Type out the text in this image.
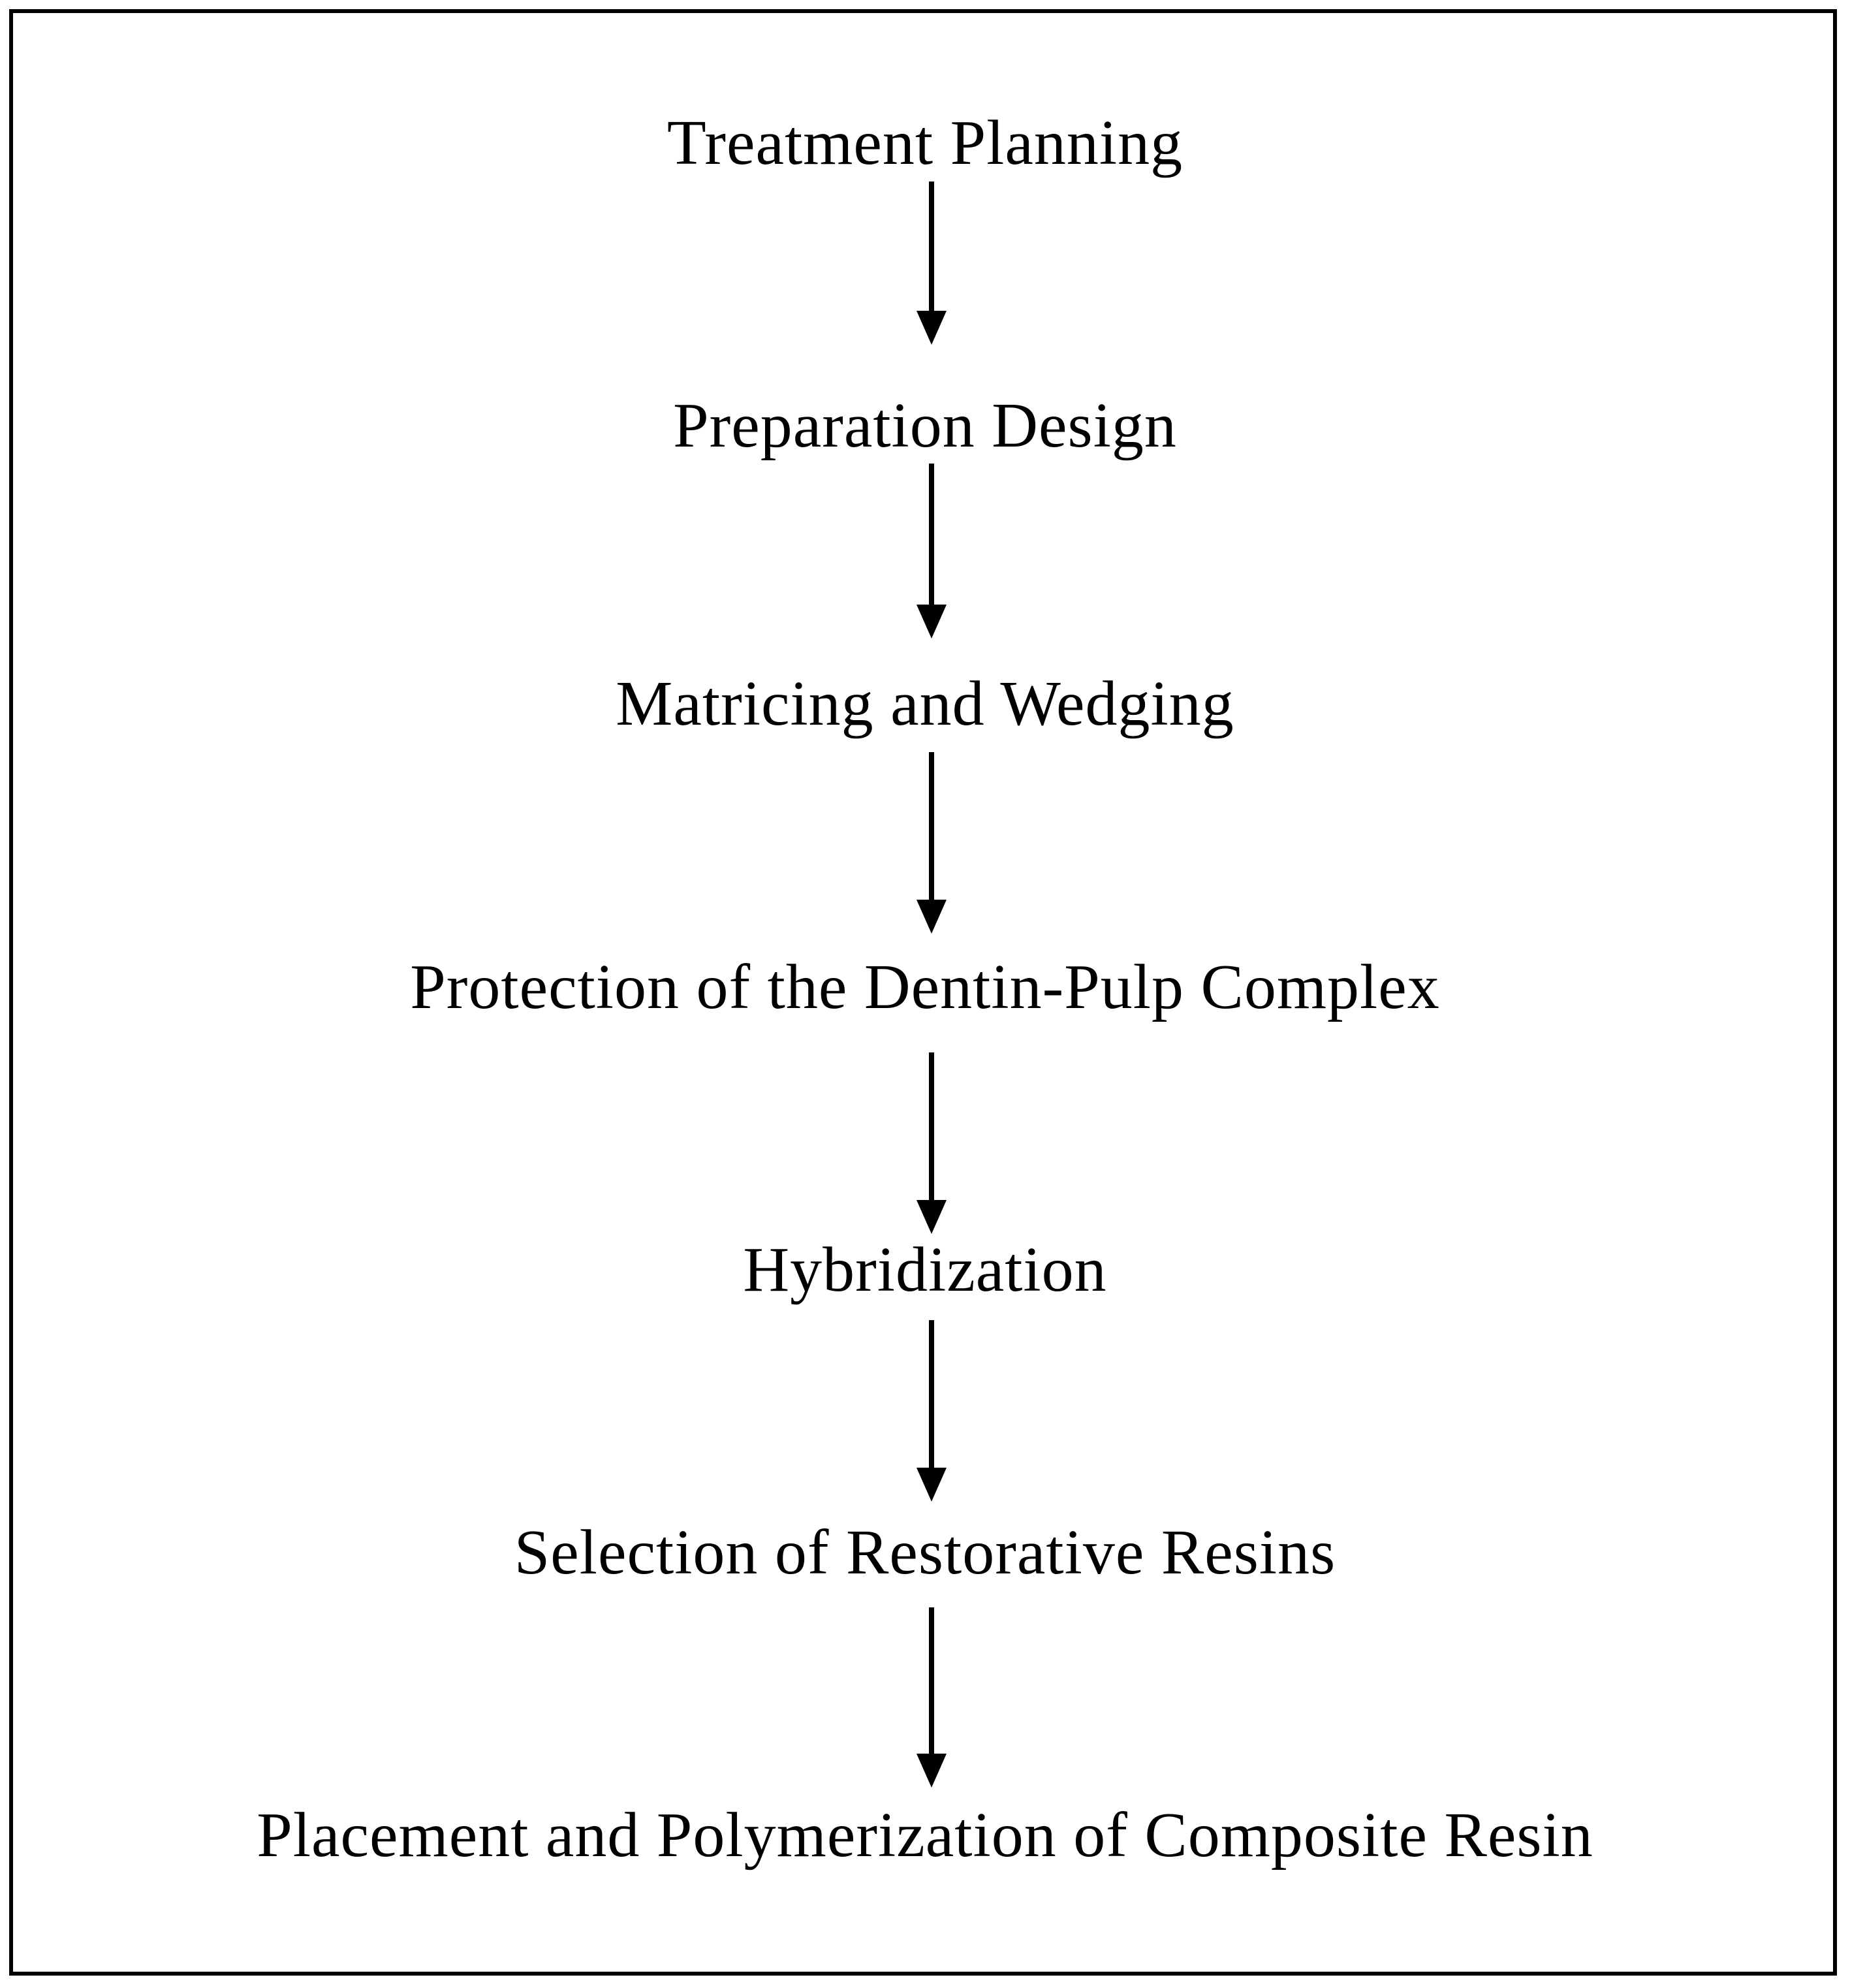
Treatment Planning
Preparation Design
Matricing and Wedging
Protection of the Dentin-Pulp Complex
Hybridization
Selection of Restorative Resins
Placement and Polymerization of Composite Resin
